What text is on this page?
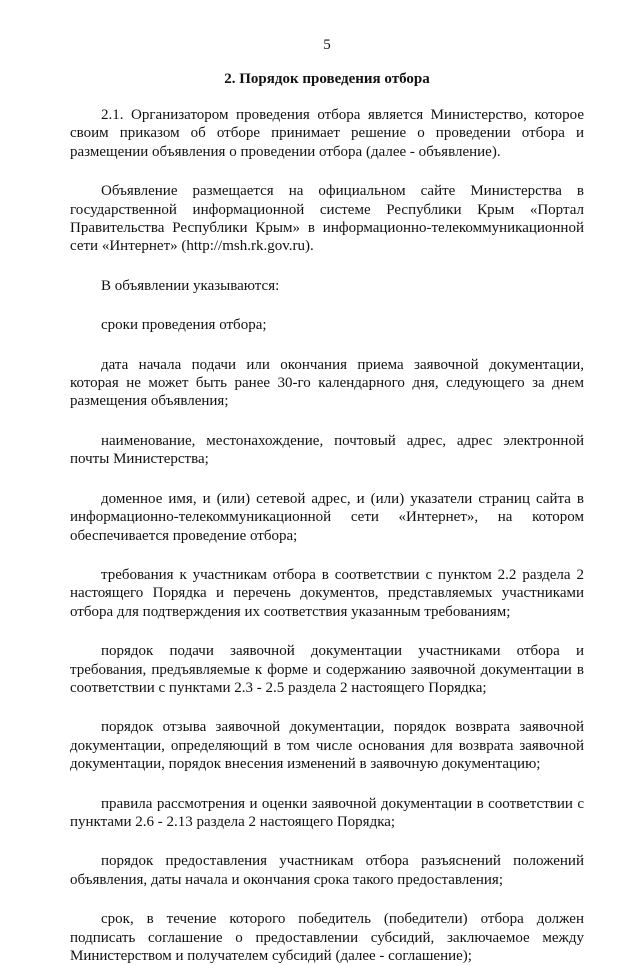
5
2. Порядок проведения отбора

2.1. Организатором проведения отбора является Министерство, которое своим приказом об отборе принимает решение о проведении отбора и размещении объявления о проведении отбора (далее - объявление).

Объявление размещается на официальном сайте Министерства в государственной информационной системе Республики Крым «Портал Правительства Республики Крым» в информационно-телекоммуникационной сети «Интернет» (http://msh.rk.gov.ru).

В объявлении указываются:

сроки проведения отбора;

дата начала подачи или окончания приема заявочной документации, которая не может быть ранее 30-го календарного дня, следующего за днем размещения объявления;

наименование, местонахождение, почтовый адрес, адрес электронной почты Министерства;

доменное имя, и (или) сетевой адрес, и (или) указатели страниц сайта в информационно-телекоммуникационной сети «Интернет», на котором обеспечивается проведение отбора;

требования к участникам отбора в соответствии с пунктом 2.2 раздела 2 настоящего Порядка и перечень документов, представляемых участниками отбора для подтверждения их соответствия указанным требованиям;

порядок подачи заявочной документации участниками отбора и требования, предъявляемые к форме и содержанию заявочной документации в соответствии с пунктами 2.3 - 2.5 раздела 2 настоящего Порядка;

порядок отзыва заявочной документации, порядок возврата заявочной документации, определяющий в том числе основания для возврата заявочной документации, порядок внесения изменений в заявочную документацию;

правила рассмотрения и оценки заявочной документации в соответствии с пунктами 2.6 - 2.13 раздела 2 настоящего Порядка;

порядок предоставления участникам отбора разъяснений положений объявления, даты начала и окончания срока такого предоставления;

срок, в течение которого победитель (победители) отбора должен подписать соглашение о предоставлении субсидий, заключаемое между Министерством и получателем субсидий (далее - соглашение);
